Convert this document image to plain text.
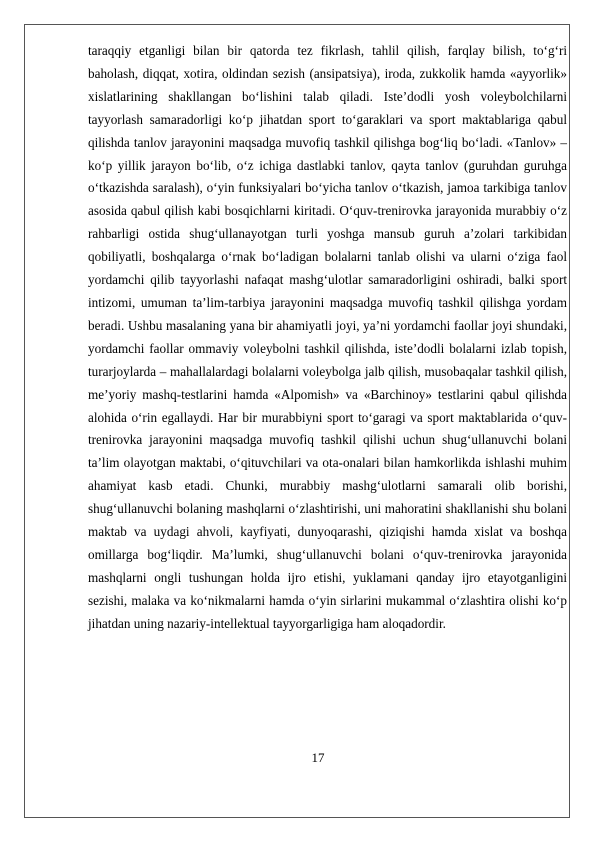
taraqqiy etganligi bilan bir qatorda tez fikrlash, tahlil qilish, farqlay bilish, to‘g‘ri baholash, diqqat, xotira, oldindan sezish (ansipatsiya), iroda, zukkolik hamda «ayyorlik» xislatlarining shakllangan bo‘lishini talab qiladi. Iste’dodli yosh voleybolchilarni tayyorlash samaradorligi ko‘p jihatdan sport to‘garaklari va sport maktablariga qabul qilishda tanlov jarayonini maqsadga muvofiq tashkil qilishga bog‘liq bo‘ladi. «Tanlov» – ko‘p yillik jarayon bo‘lib, o‘z ichiga dastlabki tanlov, qayta tanlov (guruhdan guruhga o‘tkazishda saralash), o‘yin funksiyalari bo‘yicha tanlov o‘tkazish, jamoa tarkibiga tanlov asosida qabul qilish kabi bosqichlarni kiritadi. O‘quv-trenirovka jarayonida murabbiy o‘z rahbarligi ostida shug‘ullanayotgan turli yoshga mansub guruh a’zolari tarkibidan qobiliyatli, boshqalarga o‘rnak bo‘ladigan bolalarni tanlab olishi va ularni o‘ziga faol yordamchi qilib tayyorlashi nafaqat mashg‘ulotlar samaradorligini oshiradi, balki sport intizomi, umuman ta’lim-tarbiya jarayonini maqsadga muvofiq tashkil qilishga yordam beradi. Ushbu masalaning yana bir ahamiyatli joyi, ya’ni yordamchi faollar joyi shundaki, yordamchi faollar ommaviy voleybolni tashkil qilishda, iste’dodli bolalarni izlab topish, turarjoylarda – mahallalardagi bolalarni voleybolga jalb qilish, musobaqalar tashkil qilish, me’yoriy mashq-testlarini hamda «Alpomish» va «Barchinoy» testlarini qabul qilishda alohida o‘rin egallaydi. Har bir murabbiyni sport to‘garagi va sport maktablarida o‘quv-trenirovka jarayonini maqsadga muvofiq tashkil qilishi uchun shug‘ullanuvchi bolani ta’lim olayotgan maktabi, o‘qituvchilari va ota-onalari bilan hamkorlikda ishlashi muhim ahamiyat kasb etadi. Chunki, murabbiy mashg‘ulotlarni samarali olib borishi, shug‘ullanuvchi bolaning mashqlarni o‘zlashtirishi, uni mahoratini shakllanishi shu bolani maktab va uydagi ahvoli, kayfiyati, dunyoqarashi, qiziqishi hamda xislat va boshqa omillarga bog‘liqdir. Ma’lumki, shug‘ullanuvchi bolani o‘quv-trenirovka jarayonida mashqlarni ongli tushungan holda ijro etishi, yuklamani qanday ijro etayotganligini sezishi, malaka va ko‘nikmalarni hamda o‘yin sirlarini mukammal o‘zlashtira olishi ko‘p jihatdan uning nazariy-intellektual tayyorgarligiga ham aloqadordir.

17
